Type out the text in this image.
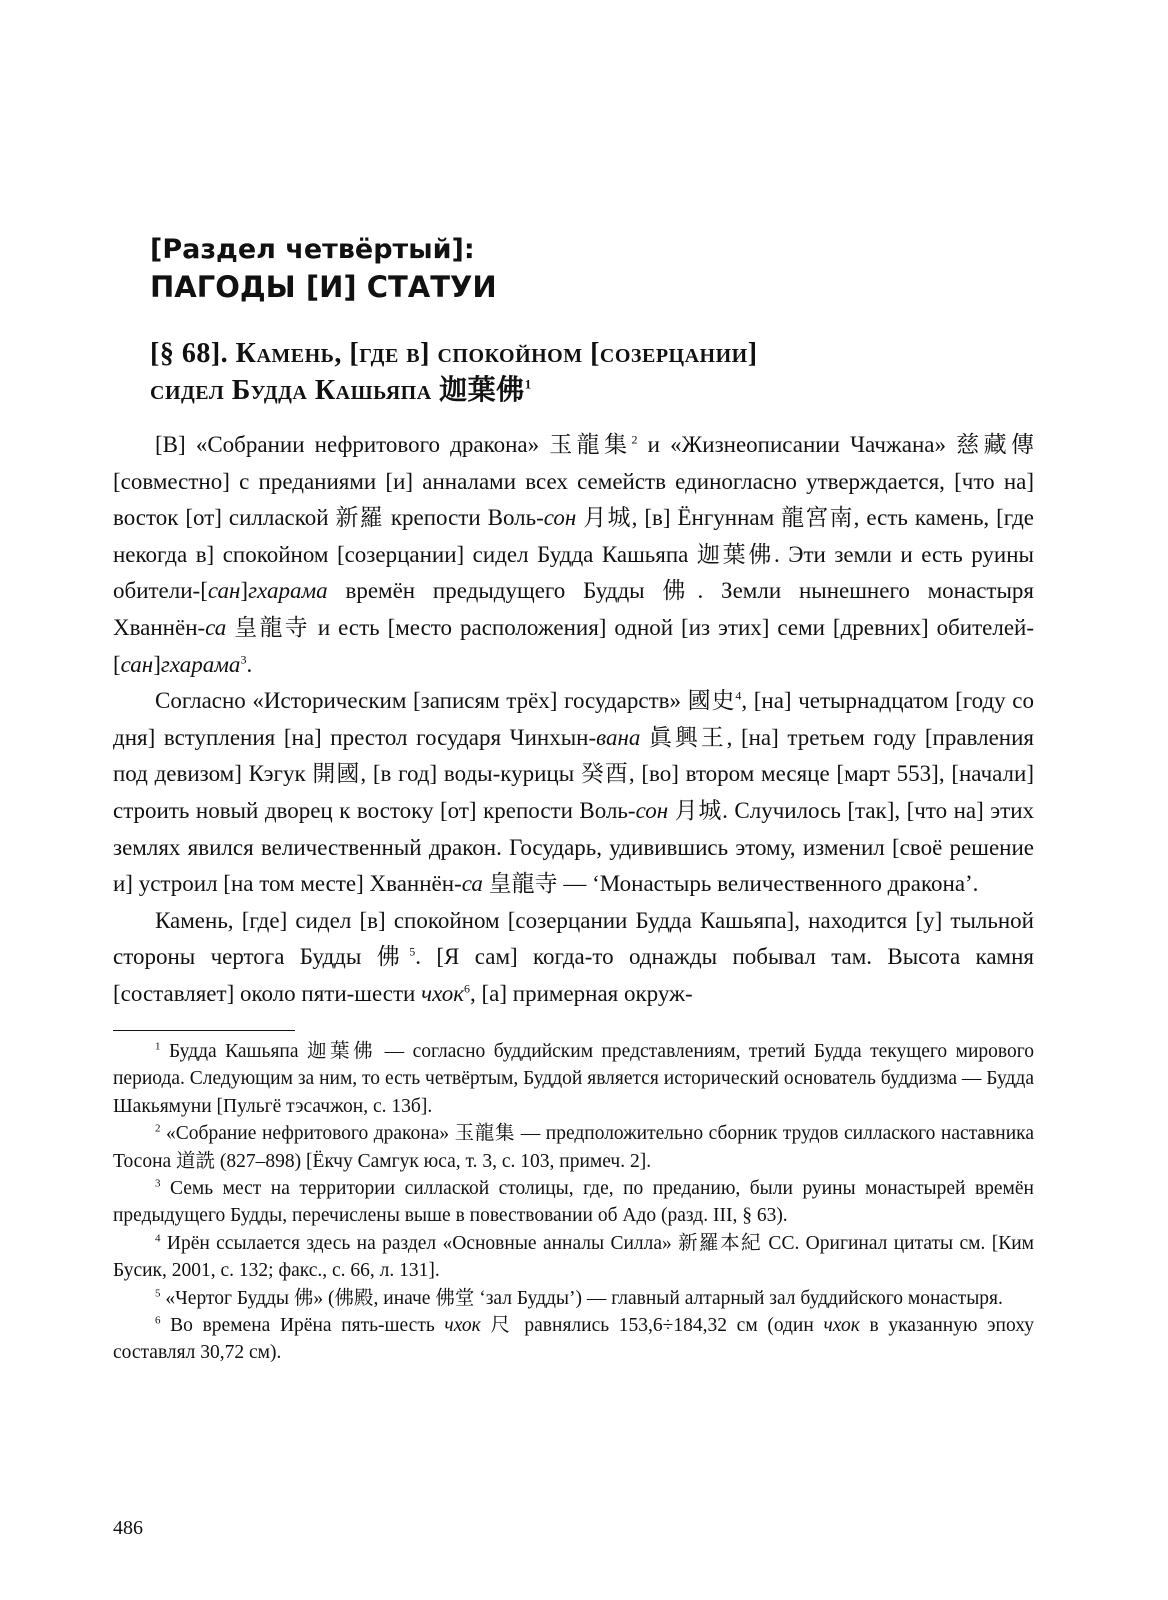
[Раздел четвёртый]:
ПАГОДЫ [И] СТАТУИ
[§ 68]. Камень, [где в] спокойном [созерцании]
сидел Будда Кашьяпа 迦葉佛$^1$

[В] «Собрании нефритового дракона» 玉龍集$^2$ и «Жизнеописании Чачжана» 慈藏傳 [совместно] с преданиями [и] анналами всех семейств единогласно утверждается, [что на] восток [от] силлаской 新羅 крепости Воль-сон 月城, [в] Ёнгуннам 龍宮南, есть камень, [где некогда в] спокойном [созерцании] сидел Будда Кашьяпа 迦葉佛. Эти земли и есть руины обители-[сан]гхарама времён предыдущего Будды 佛. Земли нынешнего монастыря Хваннён-са 皇龍寺 и есть [место расположения] одной [из этих] семи [древних] обителей-[сан]гхарама$^3$.

Согласно «Историческим [записям трёх] государств» 國史$^4$, [на] четырнадцатом [году со дня] вступления [на] престол государя Чинхын-вана 眞興王, [на] третьем году [правления под девизом] Кэгук 開國, [в год] воды-курицы 癸酉, [во] втором месяце [март 553], [начали] строить новый дворец к востоку [от] крепости Воль-сон 月城. Случилось [так], [что на] этих землях явился величественный дракон. Государь, удивившись этому, изменил [своё решение и] устроил [на том месте] Хваннён-са 皇龍寺 — ‘Монастырь величественного дракона’.

Камень, [где] сидел [в] спокойном [созерцании Будда Кашьяпа], находится [у] тыльной стороны чертога Будды 佛$^5$. [Я сам] когда-то однажды побывал там. Высота камня [составляет] около пяти-шести чхок$^6$, [а] примерная окруж-

$^1$ Будда Кашьяпа 迦葉佛 — согласно буддийским представлениям, третий Будда текущего мирового периода. Следующим за ним, то есть четвёртым, Буддой является исторический основатель буддизма — Будда Шакьямуни [Пульгё тэсачжон, с. 13б].

$^2$ «Собрание нефритового дракона» 玉龍集 — предположительно сборник трудов силлаского наставника Тосона 道詵 (827–898) [Ёкчу Самгук юса, т. 3, с. 103, примеч. 2].

$^3$ Семь мест на территории силлаской столицы, где, по преданию, были руины монастырей времён предыдущего Будды, перечислены выше в повествовании об Адо (разд. III, § 63).

$^4$ Ирён ссылается здесь на раздел «Основные анналы Силла» 新羅本紀 СС. Оригинал цитаты см. [Ким Бусик, 2001, с. 132; факс., с. 66, л. 131].

$^5$ «Чертог Будды 佛» (佛殿, иначе 佛堂 ‘зал Будды’) — главный алтарный зал буддийского монастыря.

$^6$ Во времена Ирёна пять-шесть чхок 尺 равнялись 153,6÷184,32 см (один чхок в указанную эпоху составлял 30,72 см).

486
